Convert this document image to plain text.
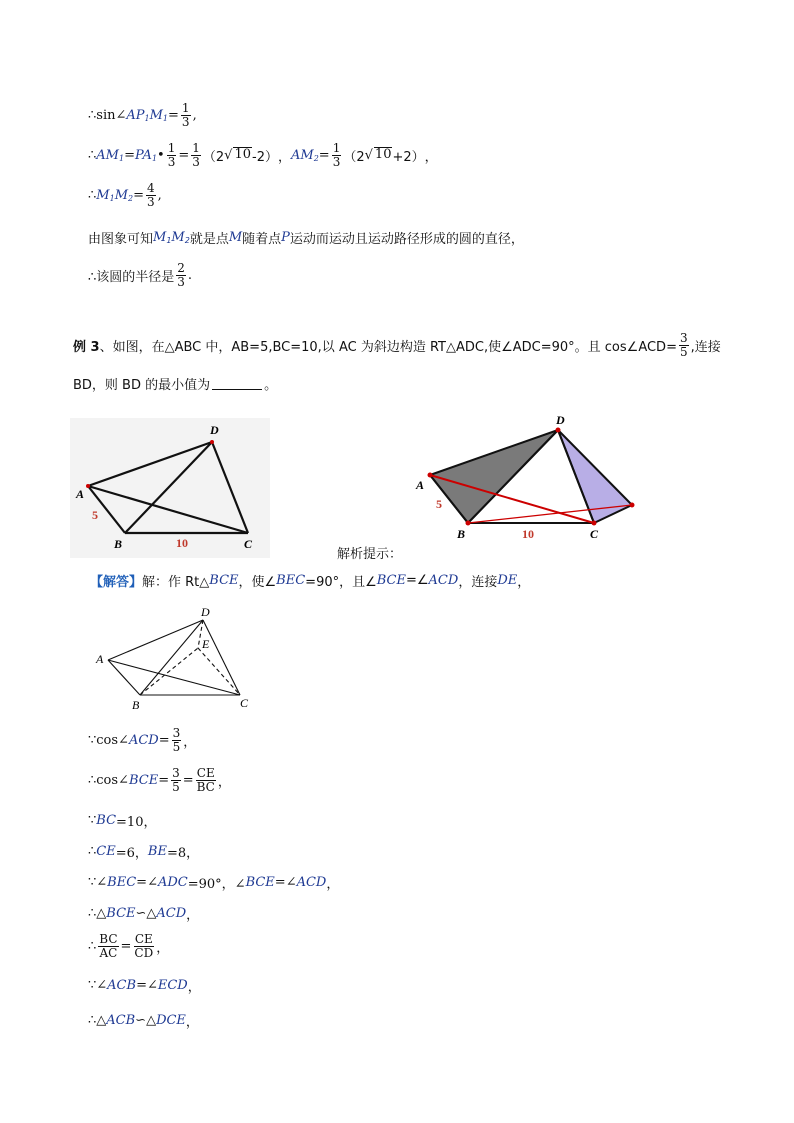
∴sin∠ AP 1 M $1 = \frac{1}{3}$ ,
∴ AM 1 = PA 1 • $\frac{1}{3} = \frac{1}{3} (2$ √ 10 -2） ， AM $2 = \frac{1}{3} (2$ √ 10 +2） ，
∴ M 1 M $2 = \frac{4}{3}$ ,
由图象可知 M 1 M 2 就是点 M 随着点 P 运动而运动且运动路径形成的圆的直径，
∴该圆的半径是 $\frac{2}{3}$ .
例 3 、如图，在△ABC 中，AB=5,BC=10,以 AC 为斜边构造 RT△ADC,使∠ADC=90°。且 cos∠ACD= $\frac{3}{5}$ ,连接
BD，则 BD 的最小值为	。
A
D
B	C
5
10
A
D
B	C
5
10
解析提示：
【解答】 解：作 Rt△ BCE ，使∠ BEC =90°，且∠ BCE =∠ ACD ，连接 DE ，
A
D
E
B	C
∵cos∠ ACD = $\frac{3}{5}$ ，
∴cos∠ BCE = $\frac{3}{5} = \frac{CE}{BC}$ ，
∵ BC =10，
∴ CE =6， BE =8，
∵∠ BEC =∠ ADC =90°，∠ BCE =∠ ACD ，
∴△ BCE ∽△ ACD ，
∴ $\frac{BC}{AC} = \frac{CE}{CD}$ ，
∵∠ ACB =∠ ECD ，
∴△ ACB ∽△ DCE ，
